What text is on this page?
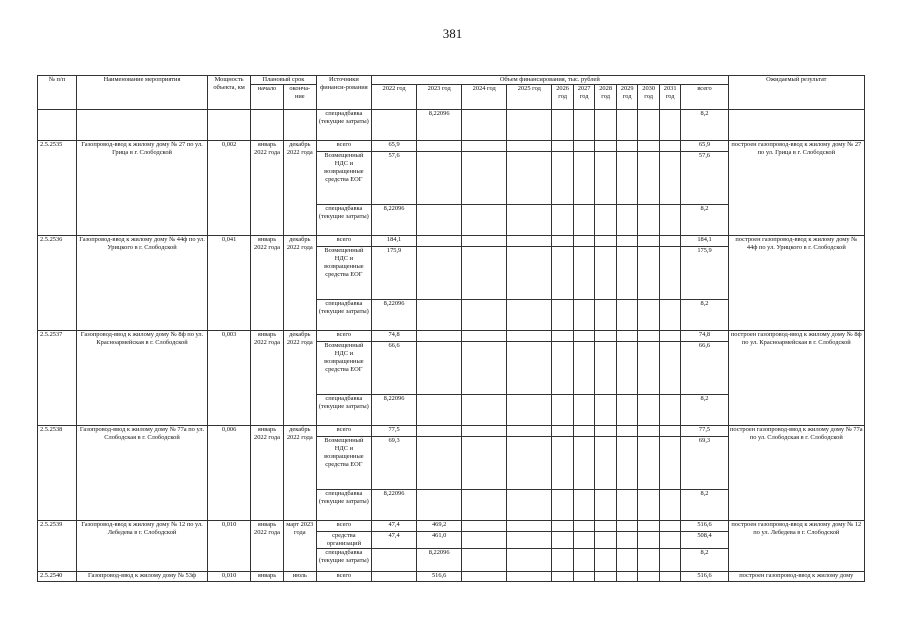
381
№ п/п	Наименование мероприятия	Мощность объекта, км	Плановый срок		Источники финанси-рования	Объем финансирования, тыс. рублей											Ожидаемый результат
			начало	оконча-ние		2022 год	2023 год	2024 год	2025 год	2026 год	2027 год	2028 год	2029 год	2030 год	2031 год	всего	
					спецнадбавка (текущие затраты)		8,22096									8,2	
2.5.2535	Газопровод-ввод к жилому дому № 27 по ул. Грица в г. Слободской	0,002	январь 2022 года	декабрь 2022 года	всего	65,9										65,9	построен газопровод-ввод к жилому дому № 27 по ул. Грица в г. Слободской
					Возмещенный НДС и возвращенные средства ЕОГ	57,6										57,6	
					спецнадбавка (текущие затраты)	8,22096										8,2	
2.5.2536	Газопровод-ввод к жилому дому № 44ф по ул. Урицкого в г. Слободской	0,041	январь 2022 года	декабрь 2022 года	всего	184,1										184,1	построен газопровод-ввод к жилому дому № 44ф по ул. Урицкого в г. Слободской
					Возмещенный НДС и возвращенные средства ЕОГ	175,9										175,9	
					спецнадбавка (текущие затраты)	8,22096										8,2	
2.5.2537	Газопровод-ввод к жилому дому № 8ф по ул. Красноармейская в г. Слободской	0,003	январь 2022 года	декабрь 2022 года	всего	74,8										74,8	построен газопровод-ввод к жилому дому № 8ф по ул. Красноармейская в г. Слободской
					Возмещенный НДС и возвращенные средства ЕОГ	66,6										66,6	
					спецнадбавка (текущие затраты)	8,22096										8,2	
2.5.2538	Газопровод-ввод к жилому дому № 77а по ул. Слободская в г. Слободской	0,006	январь 2022 года	декабрь 2022 года	всего	77,5										77,5	построен газопровод-ввод к жилому дому № 77а по ул. Слободская в г. Слободской
					Возмещенный НДС и возвращенные средства ЕОГ	69,3										69,3	
					спецнадбавка (текущие затраты)	8,22096										8,2	
2.5.2539	Газопровод-ввод к жилому дому № 12 по ул. Лебедева в г. Слободской	0,010	январь 2022 года	март 2023 года	всего	47,4	469,2									516,6	построен газопровод-ввод к жилому дому № 12 по ул. Лебедева в г. Слободской
					средства организаций	47,4	461,0									508,4	
					спецнадбавка (текущие затраты)		8,22096									8,2	
2.5.2540	Газопровод-ввод к жилому дому № 53ф	0,010	январь	июль	всего		516,6									516,6	построен газопровод-ввод к жилому дому
